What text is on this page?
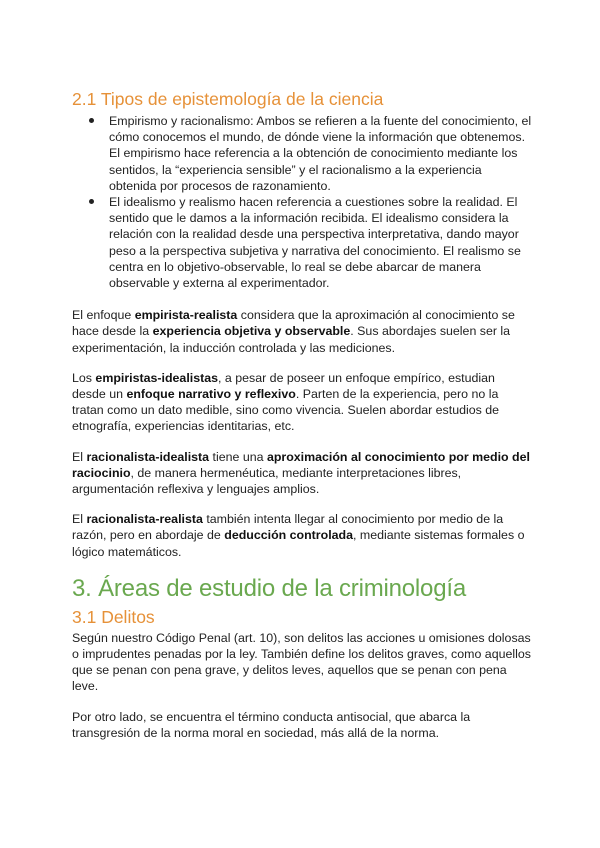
2.1 Tipos de epistemología de la ciencia
Empirismo y racionalismo: Ambos se refieren a la fuente del conocimiento, el cómo conocemos el mundo, de dónde viene la información que obtenemos. El empirismo hace referencia a la obtención de conocimiento mediante los sentidos, la “experiencia sensible” y el racionalismo a la experiencia obtenida por procesos de razonamiento.
El idealismo y realismo hacen referencia a cuestiones sobre la realidad. El sentido que le damos a la información recibida. El idealismo considera la relación con la realidad desde una perspectiva interpretativa, dando mayor peso a la perspectiva subjetiva y narrativa del conocimiento. El realismo se centra en lo objetivo-observable, lo real se debe abarcar de manera observable y externa al experimentador.

El enfoque empirista-realista considera que la aproximación al conocimiento se hace desde la experiencia objetiva y observable. Sus abordajes suelen ser la experimentación, la inducción controlada y las mediciones.

Los empiristas-idealistas, a pesar de poseer un enfoque empírico, estudian desde un enfoque narrativo y reflexivo. Parten de la experiencia, pero no la tratan como un dato medible, sino como vivencia. Suelen abordar estudios de etnografía, experiencias identitarias, etc.

El racionalista-idealista tiene una aproximación al conocimiento por medio del raciocinio, de manera hermenéutica, mediante interpretaciones libres, argumentación reflexiva y lenguajes amplios.

El racionalista-realista también intenta llegar al conocimiento por medio de la razón, pero en abordaje de deducción controlada, mediante sistemas formales o lógico matemáticos.

3. Áreas de estudio de la criminología
3.1 Delitos

Según nuestro Código Penal (art. 10), son delitos las acciones u omisiones dolosas o imprudentes penadas por la ley. También define los delitos graves, como aquellos que se penan con pena grave, y delitos leves, aquellos que se penan con pena leve.

Por otro lado, se encuentra el término conducta antisocial, que abarca la transgresión de la norma moral en sociedad, más allá de la norma.
